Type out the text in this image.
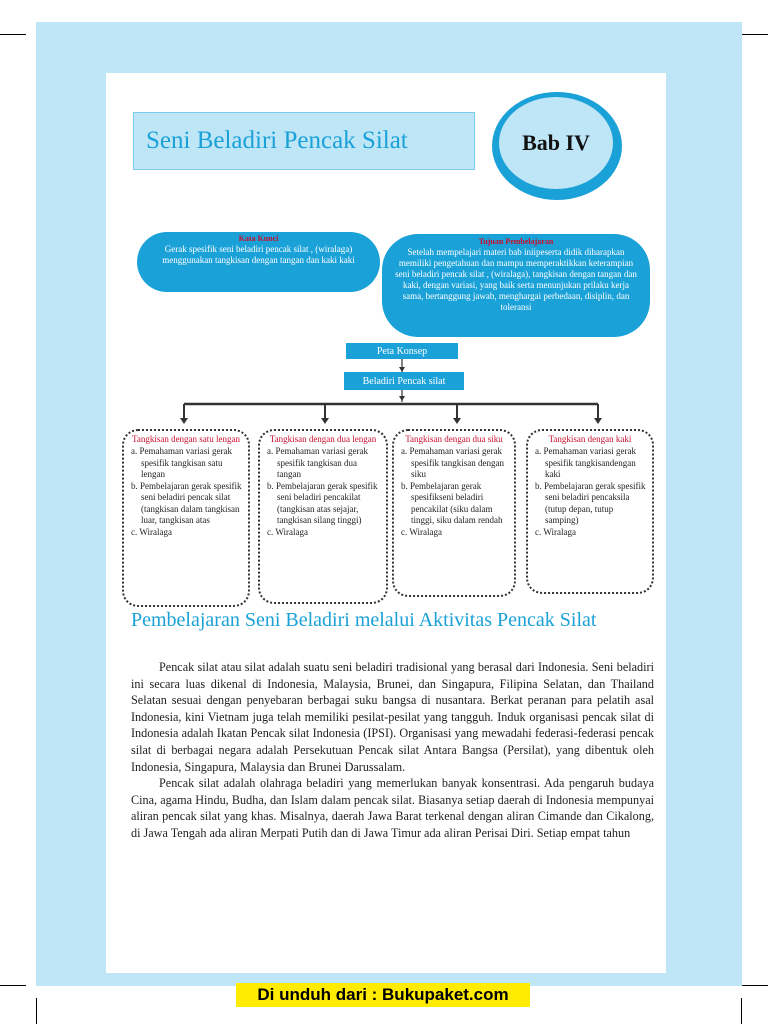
Seni Beladiri Pencak Silat	Bab IV
Kata Kunci
Gerak spesifik seni beladiri pencak silat , (wiralaga) menggunakan tangkisan dengan tangan dan kaki kaki
Tujuan Pembelajaran
Setelah mempelajari materi bab iniipeserta didik diharapkan memiliki pengetahuan dan mampu memperaktikkan keterampian seni beladiri pencak silat , (wiralaga), tangkisan dengan tangan dan kaki, dengan variasi, yang baik serta menunjukan prilaku kerja sama, bertanggung jawab, menghargai perbedaan, disiplin, dan toleransi
Peta Konsep
Beladiri Pencak silat
Tangkisan dengan satu lengan

a. Pemahaman variasi gerak spesifik tangkisan satu lengan

b. Pembelajaran gerak spesifik seni beladiri pencak silat (tangkisan dalam tangkisan luar, tangkisan atas

c. Wiralaga

Tangkisan dengan dua lengan

a. Pemahaman variasi gerak spesifik tangkisan dua tangan

b. Pembelajaran gerak spesifik seni beladiri pencakilat (tangkisan atas sejajar, tangkisan silang tinggi)

c. Wiralaga

Tangkisan dengan dua siku

a. Pemahaman variasi gerak spesifik tangkisan dengan siku

b. Pembelajaran gerak spesifikseni beladiri pencakilat (siku dalam tinggi, siku dalam rendah

c. Wiralaga

Tangkisan dengan kaki

a. Pemahaman variasi gerak spesifik tangkisandengan kaki

b. Pembelajaran gerak spesifik seni beladiri pencaksila (tutup depan, tutup samping)

c. Wiralaga

Pembelajaran Seni Beladiri melalui Aktivitas Pencak Silat

Pencak silat atau silat adalah suatu seni beladiri tradisional yang berasal dari Indonesia. Seni beladiri ini secara luas dikenal di Indonesia, Malaysia, Brunei, dan Singapura, Filipina Selatan, dan Thailand Selatan sesuai dengan penyebaran berbagai suku bangsa di nusantara. Berkat peranan para pelatih asal Indonesia, kini Vietnam juga telah memiliki pesilat-pesilat yang tangguh. Induk organisasi pencak silat di Indonesia adalah Ikatan Pencak silat Indonesia (IPSI). Organisasi yang mewadahi federasi-federasi pencak silat di berbagai negara adalah Persekutuan Pencak silat Antara Bangsa (Persilat), yang dibentuk oleh Indonesia, Singapura, Malaysia dan Brunei Darussalam.

Pencak silat adalah olahraga beladiri yang memerlukan banyak konsentrasi. Ada pengaruh budaya Cina, agama Hindu, Budha, dan Islam dalam pencak silat. Biasanya setiap daerah di Indonesia mempunyai aliran pencak silat yang khas. Misalnya, daerah Jawa Barat terkenal dengan aliran Cimande dan Cikalong, di Jawa Tengah ada aliran Merpati Putih dan di Jawa Timur ada aliran Perisai Diri. Setiap empat tahun

Di unduh dari : Bukupaket.com
